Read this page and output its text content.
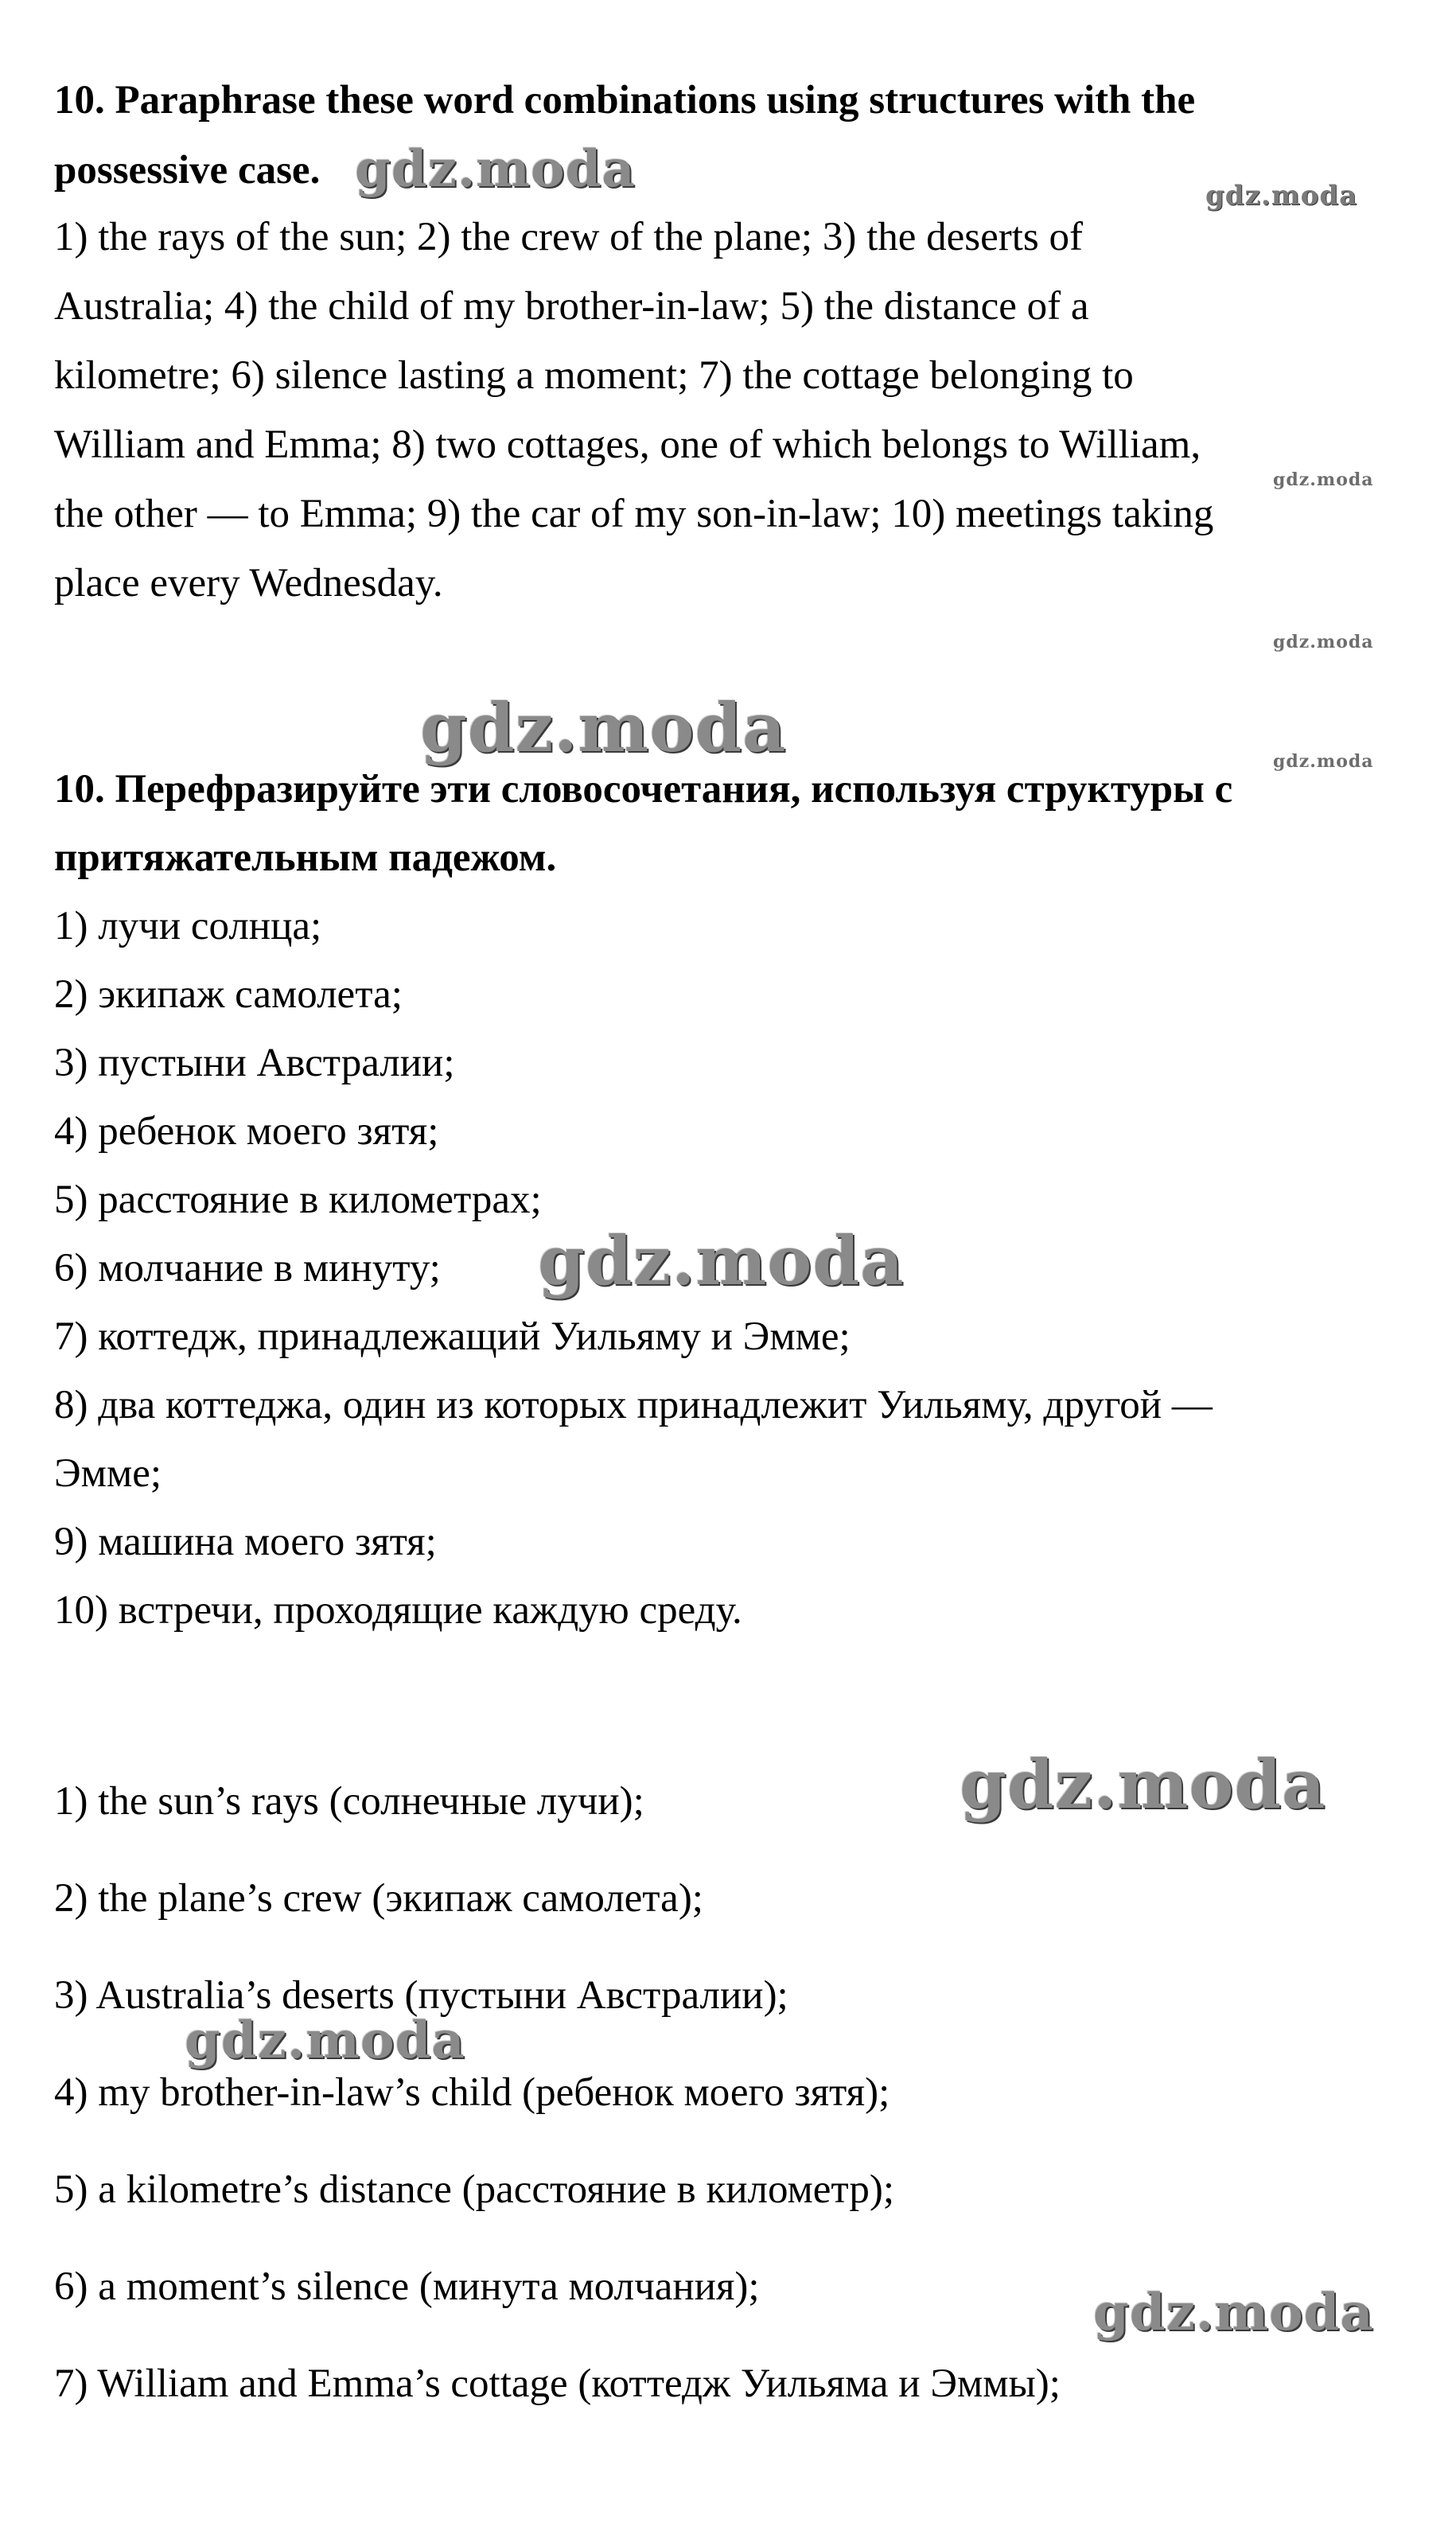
10. Paraphrase these word combinations using structures with the
possessive case.
1) the rays of the sun; 2) the crew of the plane; 3) the deserts of
Australia; 4) the child of my brother-in-law; 5) the distance of a
kilometre; 6) silence lasting a moment; 7) the cottage belonging to
William and Emma; 8) two cottages, one of which belongs to William,
the other — to Emma; 9) the car of my son-in-law; 10) meetings taking
place every Wednesday.
10. Перефразируйте эти словосочетания, используя структуры с
притяжательным падежом.
1) лучи солнца;
2) экипаж самолета;
3) пустыни Австралии;
4) ребенок моего зятя;
5) расстояние в километрах;
6) молчание в минуту;
7) коттедж, принадлежащий Уильяму и Эмме;
8) два коттеджа, один из которых принадлежит Уильяму, другой —
Эмме;
9) машина моего зятя;
10) встречи, проходящие каждую среду.
1) the sun’s rays (солнечные лучи);
2) the plane’s crew (экипаж самолета);
3) Australia’s deserts (пустыни Австралии);
4) my brother-in-law’s child (ребенок моего зятя);
5) a kilometre’s distance (расстояние в километр);
6) a moment’s silence (минута молчания);
7) William and Emma’s cottage (коттедж Уильяма и Эммы);
gdz.moda	gdz.moda
gdz.moda
gdz.moda
gdz.moda	gdz.moda
gdz.moda
gdz.moda
gdz.moda
gdz.moda
